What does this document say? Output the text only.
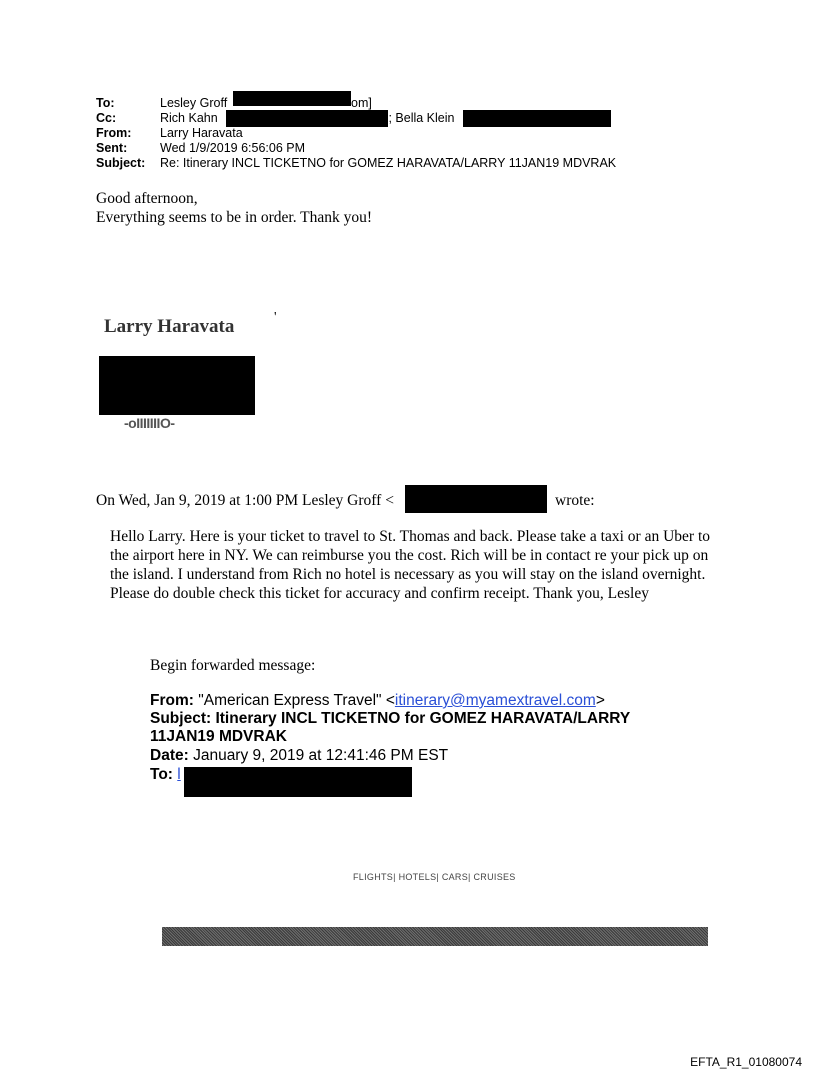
To:	Lesley Groff	om]
Cc:	Rich Kahn	]; Bella Klein
From: Larry Haravata
Sent:	Wed 1/9/2019 6:56:06 PM
Subject: Re: Itinerary INCL TICKETNO for GOMEZ HARAVATA/LARRY 11JAN19 MDVRAK
Good afternoon,
Everything seems to be in order. Thank you!
Larry Haravata	'
-oIIIIIIIO-
On Wed, Jan 9, 2019 at 1:00 PM Lesley Groff <	wrote:
Hello Larry. Here is your ticket to travel to St. Thomas and back. Please take a taxi or an Uber to the airport here in NY. We can reimburse you the cost. Rich will be in contact re your pick up on the island. I understand from Rich no hotel is necessary as you will stay on the island overnight. Please do double check this ticket for accuracy and confirm receipt. Thank you, Lesley
Begin forwarded message:
From: "American Express Travel" <itinerary@myamextravel.com>
Subject: Itinerary INCL TICKETNO for GOMEZ HARAVATA/LARRY
11JAN19 MDVRAK
Date: January 9, 2019 at 12:41:46 PM EST
To: l
FLIGHTS| HOTELS| CARS| CRUISES
EFTA_R1_01080074
